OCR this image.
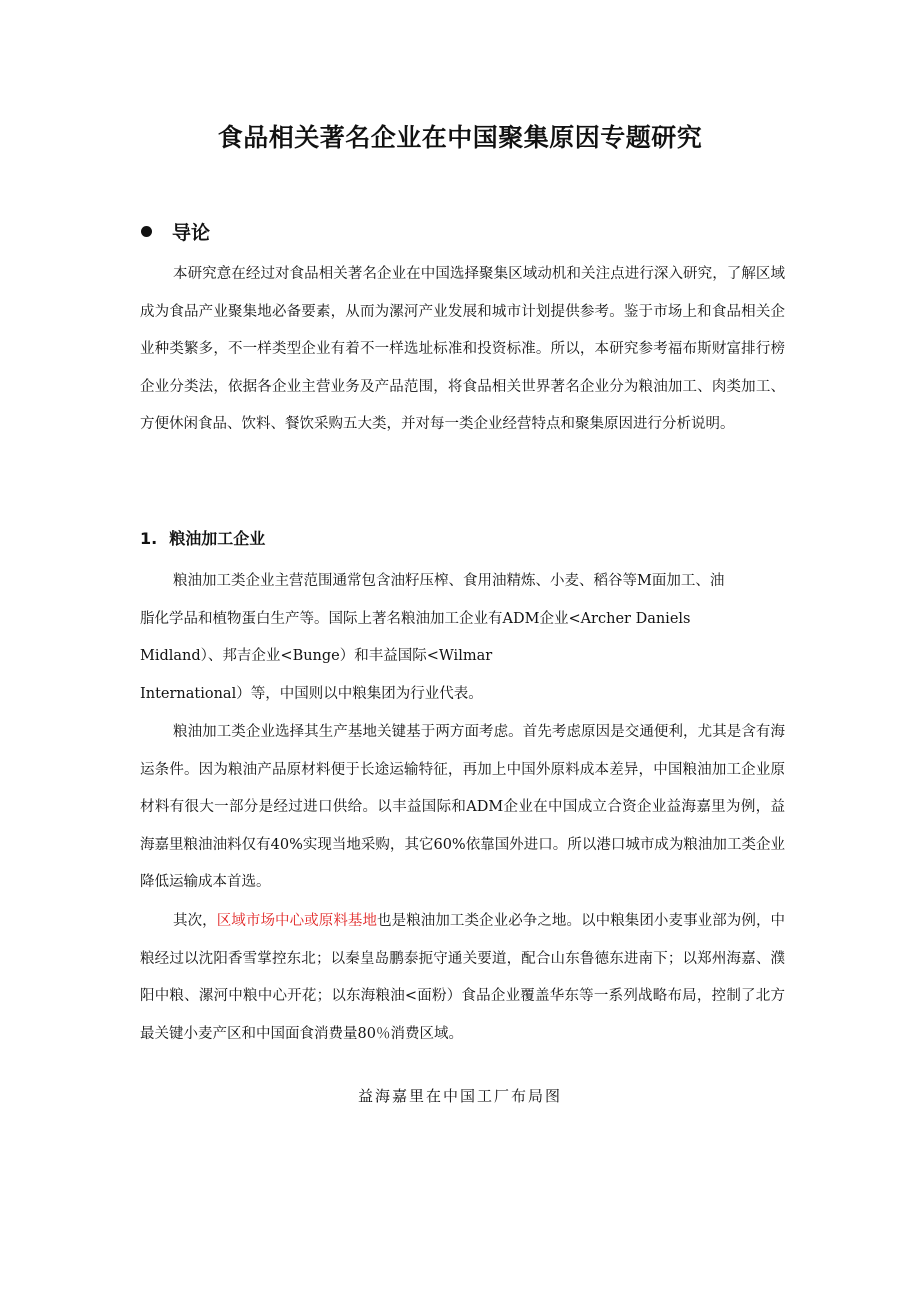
食品相关著名企业在中国聚集原因专题研究
导论

本研究意在经过对食品相关著名企业在中国选择聚集区域动机和关注点进行深入研究，了解区域成为食品产业聚集地必备要素，从而为漯河产业发展和城市计划提供参考。鉴于市场上和食品相关企业种类繁多，不一样类型企业有着不一样选址标准和投资标准。所以，本研究参考福布斯财富排行榜企业分类法，依据各企业主营业务及产品范围，将食品相关世界著名企业分为粮油加工、肉类加工、方便休闲食品、饮料、餐饮采购五大类，并对每一类企业经营特点和聚集原因进行分析说明。

1. 粮油加工企业
粮油加工类企业主营范围通常包含油籽压榨、食用油精炼、小麦、稻谷等M面加工、油
脂化学品和植物蛋白生产等。国际上著名粮油加工企业有ADM企业<Archer Daniels
Midland）、邦吉企业<Bunge）和丰益国际<Wilmar
International）等，中国则以中粮集团为行业代表。

粮油加工类企业选择其生产基地关键基于两方面考虑。首先考虑原因是交通便利，尤其是含有海运条件。因为粮油产品原材料便于长途运输特征，再加上中国外原料成本差异，中国粮油加工企业原材料有很大一部分是经过进口供给。以丰益国际和ADM企业在中国成立合资企业益海嘉里为例，益海嘉里粮油油料仅有40%实现当地采购，其它60%依靠国外进口。所以港口城市成为粮油加工类企业降低运输成本首选。

其次，区域市场中心或原料基地也是粮油加工类企业必争之地。以中粮集团小麦事业部为例，中粮经过以沈阳香雪掌控东北；以秦皇岛鹏泰扼守通关要道，配合山东鲁德东进南下；以郑州海嘉、濮阳中粮、漯河中粮中心开花；以东海粮油<面粉）食品企业覆盖华东等一系列战略布局，控制了北方最关键小麦产区和中国面食消费量80％消费区域。

益海嘉里在中国工厂布局图
